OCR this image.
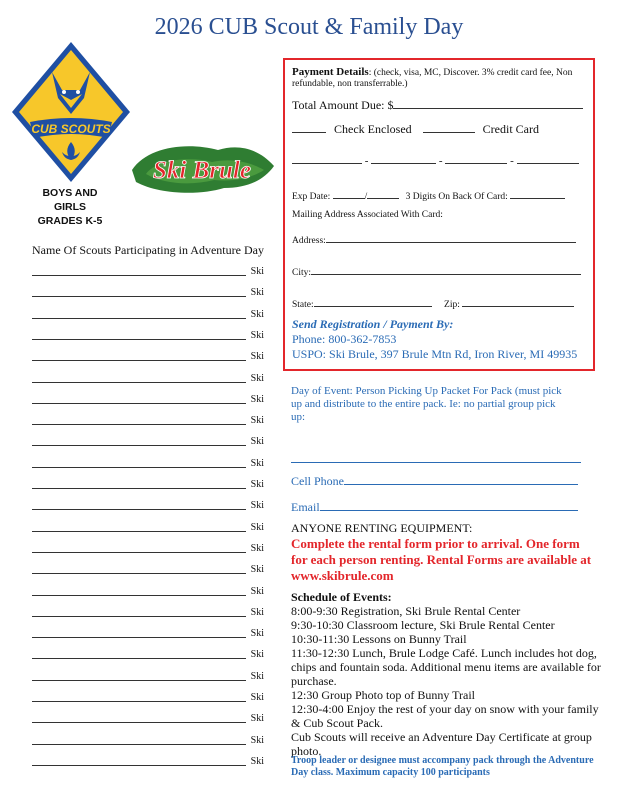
2026 CUB Scout & Family Day
CUB SCOUTS
BOYS AND GIRLS
GRADES K-5
Ski Brule
Name Of Scouts Participating in Adventure Day
Ski
Ski
Ski
Ski
Ski
Ski
Ski
Ski
Ski
Ski
Ski
Ski
Ski
Ski
Ski
Ski
Ski
Ski
Ski
Ski
Ski
Ski
Ski
Ski
Payment Details: (check, visa, MC, Discover. 3% credit card fee, Non refundable, non transferrable.)
Total Amount Due: $
Check Enclosed	Credit Card
-	-	-
Exp Date:	/	3 Digits On Back Of Card:
Mailing Address Associated With Card:
Address:
City:
State:	Zip:
Send Registration / Payment By:
Phone: 800-362-7853
USPO: Ski Brule, 397 Brule Mtn Rd, Iron River, MI 49935
Day of Event: Person Picking Up Packet For Pack (must pick
up and distribute to the entire pack. Ie: no partial group pick
up:
Cell Phone
Email
ANYONE RENTING EQUIPMENT:
Complete the rental form prior to arrival. One form for each person renting. Rental Forms are available at www.skibrule.com
Schedule of Events:
8:00-9:30 Registration, Ski Brule Rental Center
9:30-10:30 Classroom lecture, Ski Brule Rental Center
10:30-11:30 Lessons on Bunny Trail
11:30-12:30 Lunch, Brule Lodge Café. Lunch includes hot dog, chips and fountain soda. Additional menu items are available for purchase.
12:30 Group Photo top of Bunny Trail
12:30-4:00 Enjoy the rest of your day on snow with your family & Cub Scout Pack.
Cub Scouts will receive an Adventure Day Certificate at group photo.
Troop leader or designee must accompany pack through the Adventure Day class. Maximum capacity 100 participants
